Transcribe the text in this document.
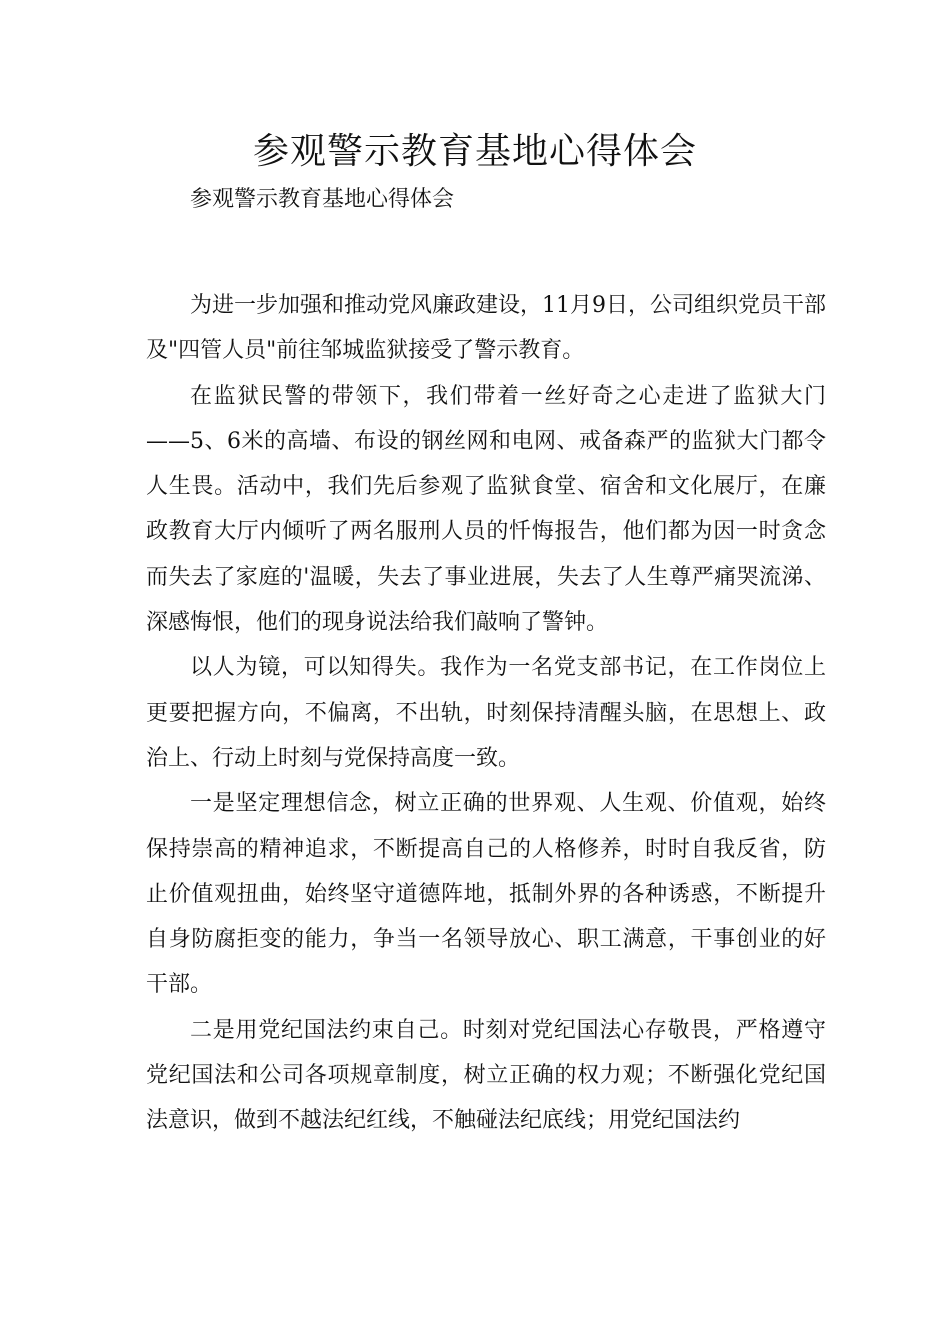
参观警示教育基地心得体会

参观警示教育基地心得体会

为进一步加强和推动党风廉政建设，11月9日，公司组织党员干部及"四管人员"前往邹城监狱接受了警示教育。

在监狱民警的带领下，我们带着一丝好奇之心走进了监狱大门——5、6米的高墙、布设的钢丝网和电网、戒备森严的监狱大门都令人生畏。活动中，我们先后参观了监狱食堂、宿舍和文化展厅，在廉政教育大厅内倾听了两名服刑人员的忏悔报告，他们都为因一时贪念而失去了家庭的'温暖，失去了事业进展，失去了人生尊严痛哭流涕、深感悔恨，他们的现身说法给我们敲响了警钟。

以人为镜，可以知得失。我作为一名党支部书记，在工作岗位上更要把握方向，不偏离，不出轨，时刻保持清醒头脑，在思想上、政治上、行动上时刻与党保持高度一致。

一是坚定理想信念，树立正确的世界观、人生观、价值观，始终保持崇高的精神追求，不断提高自己的人格修养，时时自我反省，防止价值观扭曲，始终坚守道德阵地，抵制外界的各种诱惑，不断提升自身防腐拒变的能力，争当一名领导放心、职工满意，干事创业的好干部。

二是用党纪国法约束自己。时刻对党纪国法心存敬畏，严格遵守党纪国法和公司各项规章制度，树立正确的权力观；不断强化党纪国法意识，做到不越法纪红线，不触碰法纪底线；用党纪国法约
